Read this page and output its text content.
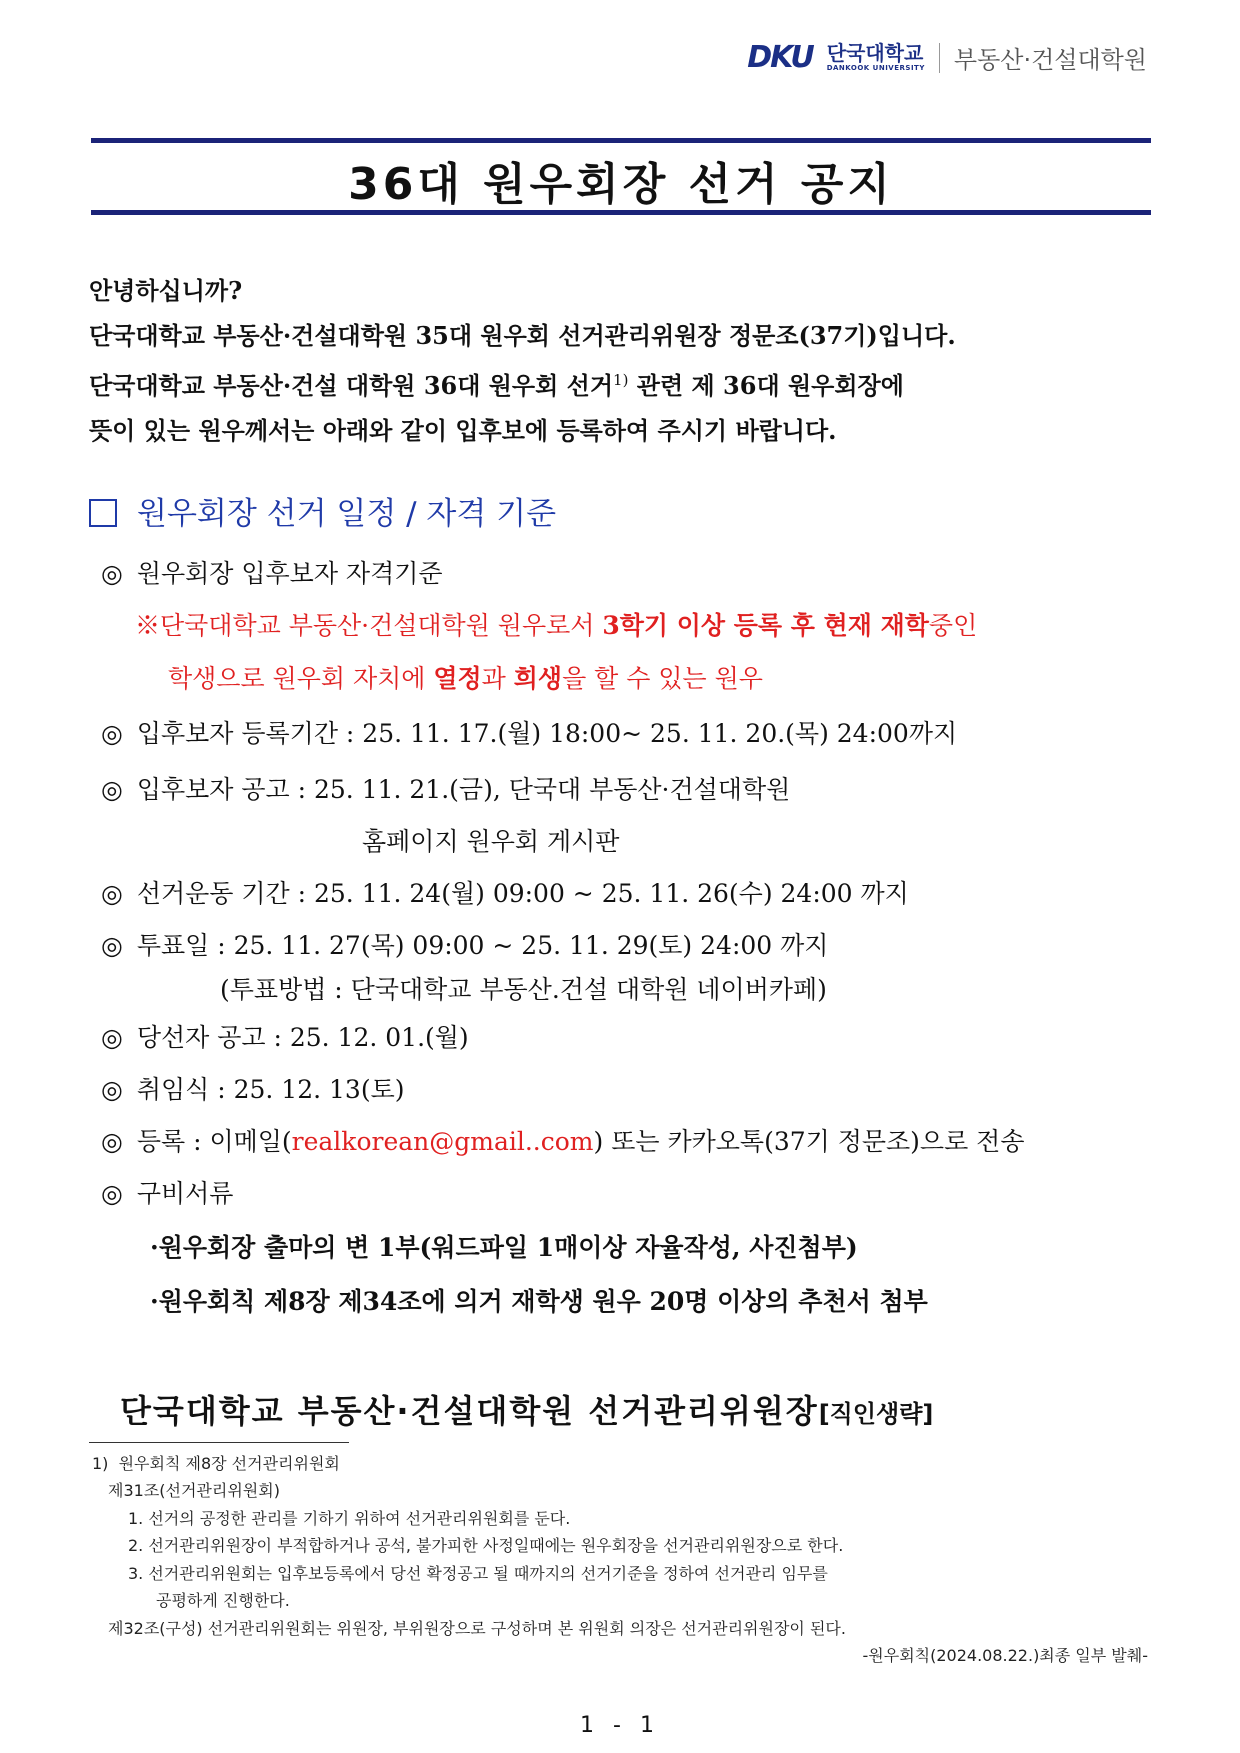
DKU 단국대학교
DANKOOK UNIVERSITY 부동산·건설대학원
36대 원우회장 선거 공지
안녕하십니까?
단국대학교 부동산·건설대학원 35대 원우회 선거관리위원장 정문조(37기)입니다.
단국대학교 부동산·건설 대학원 36대 원우회 선거$^{1)}$ 관련 제 36대 원우회장에
뜻이 있는 원우께서는 아래와 같이 입후보에 등록하여 주시기 바랍니다.
원우회장 선거 일정 / 자격 기준
◎ 원우회장 입후보자 자격기준
※단국대학교 부동산·건설대학원 원우로서 3학기 이상 등록 후 현재 재학중인
학생으로 원우회 자치에 열정과 희생을 할 수 있는 원우
◎ 입후보자 등록기간 : 25. 11. 17.(월) 18:00~ 25. 11. 20.(목) 24:00까지
◎ 입후보자 공고 : 25. 11. 21.(금), 단국대 부동산·건설대학원
홈페이지 원우회 게시판
◎ 선거운동 기간 : 25. 11. 24(월) 09:00 ~ 25. 11. 26(수) 24:00 까지
◎ 투표일 : 25. 11. 27(목) 09:00 ~ 25. 11. 29(토) 24:00 까지
(투표방법 : 단국대학교 부동산.건설 대학원 네이버카페)
◎ 당선자 공고 : 25. 12. 01.(월)
◎ 취임식 : 25. 12. 13(토)
◎ 등록 : 이메일(realkorean@gmail..com) 또는 카카오톡(37기 정문조)으로 전송
◎ 구비서류
·원우회장 출마의 변 1부(워드파일 1매이상 자율작성, 사진첨부)
·원우회칙 제8장 제34조에 의거 재학생 원우 20명 이상의 추천서 첨부
단국대학교 부동산·건설대학원 선거관리위원장[직인생략]
1) 원우회칙 제8장 선거관리위원회
제31조(선거관리위원회)
1. 선거의 공정한 관리를 기하기 위하여 선거관리위원회를 둔다.
2. 선거관리위원장이 부적합하거나 공석, 불가피한 사정일때에는 원우회장을 선거관리위원장으로 한다.
3. 선거관리위원회는 입후보등록에서 당선 확정공고 될 때까지의 선거기준을 정하여 선거관리 임무를
공평하게 진행한다.
제32조(구성) 선거관리위원회는 위원장, 부위원장으로 구성하며 본 위원회 의장은 선거관리위원장이 된다.
-원우회칙(2024.08.22.)최종 일부 발췌-
1 - 1
